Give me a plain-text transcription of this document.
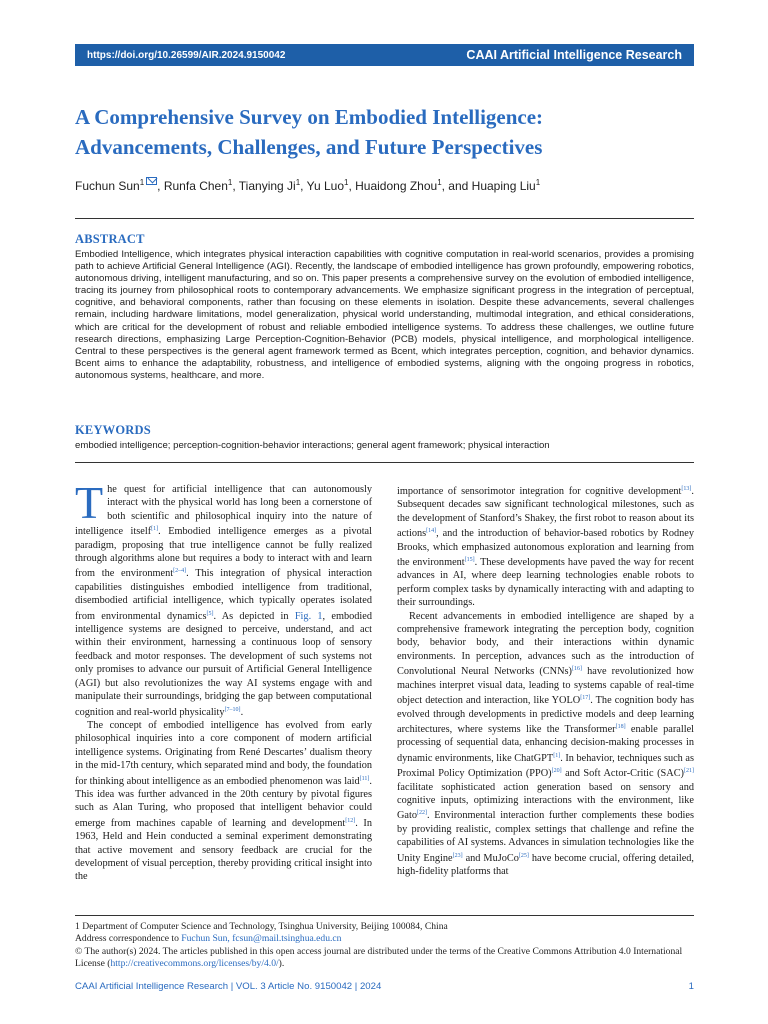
https://doi.org/10.26599/AIR.2024.9150042	CAAI Artificial Intelligence Research
A Comprehensive Survey on Embodied Intelligence:
Advancements, Challenges, and Future Perspectives
Fuchun Sun$^1$ , Runfa Chen$^1$, Tianying Ji$^1$, Yu Luo$^1$, Huaidong Zhou$^1$, and Huaping Liu$^1$
ABSTRACT
Embodied Intelligence, which integrates physical interaction capabilities with cognitive computation in real-world scenarios, provides a promising path to achieve Artificial General Intelligence (AGI). Recently, the landscape of embodied intelligence has grown profoundly, empowering robotics, autonomous driving, intelligent manufacturing, and so on. This paper presents a comprehensive survey on the evolution of embodied intelligence, tracing its journey from philosophical roots to contemporary advancements. We emphasize significant progress in the integration of perceptual, cognitive, and behavioral components, rather than focusing on these elements in isolation. Despite these advancements, several challenges remain, including hardware limitations, model generalization, physical world understanding, multimodal integration, and ethical considerations, which are critical for the development of robust and reliable embodied intelligence systems. To address these challenges, we outline future research directions, emphasizing Large Perception-Cognition-Behavior (PCB) models, physical intelligence, and morphological intelligence. Central to these perspectives is the general agent framework termed as Bcent, which integrates perception, cognition, and behavior dynamics. Bcent aims to enhance the adaptability, robustness, and intelligence of embodied systems, aligning with the ongoing progress in robotics, autonomous systems, healthcare, and more.
KEYWORDS
embodied intelligence; perception-cognition-behavior interactions; general agent framework; physical interaction

The quest for artificial intelligence that can autonomously interact with the physical world has long been a cornerstone of both scientific and philosophical inquiry into the nature of intelligence itself[1]. Embodied intelligence emerges as a pivotal paradigm, proposing that true intelligence cannot be fully realized through algorithms alone but requires a body to interact with and learn from the environment[2–4]. This integration of physical interaction capabilities distinguishes embodied intelligence from traditional, disembodied artificial intelligence, which typically operates isolated from environmental dynamics[5]. As depicted in Fig. 1, embodied intelligence systems are designed to perceive, understand, and act within their environment, harnessing a continuous loop of sensory feedback and motor responses. The development of such systems not only promises to advance our pursuit of Artificial General Intelligence (AGI) but also revolutionizes the way AI systems engage with and manipulate their surroundings, bridging the gap between computational cognition and real-world physicality[7–10].

The concept of embodied intelligence has evolved from early philosophical inquiries into a core component of modern artificial intelligence systems. Originating from René Descartes’ dualism theory in the mid-17th century, which separated mind and body, the foundation for thinking about intelligence as an embodied phenomenon was laid[11]. This idea was further advanced in the 20th century by pivotal figures such as Alan Turing, who proposed that intelligent behavior could emerge from machines capable of learning and development[12]. In 1963, Held and Hein conducted a seminal experiment demonstrating that active movement and sensory feedback are crucial for the development of visual perception, thereby providing critical insight into the

importance of sensorimotor integration for cognitive development[13]. Subsequent decades saw significant technological milestones, such as the development of Stanford’s Shakey, the first robot to reason about its actions[14], and the introduction of behavior-based robotics by Rodney Brooks, which emphasized autonomous exploration and learning from the environment[15]. These developments have paved the way for recent advances in AI, where deep learning technologies enable robots to perform complex tasks by dynamically interacting with and adapting to their surroundings.

Recent advancements in embodied intelligence are shaped by a comprehensive framework integrating the perception body, cognition body, behavior body, and their interactions within dynamic environments. In perception, advances such as the introduction of Convolutional Neural Networks (CNNs)[16] have revolutionized how machines interpret visual data, leading to systems capable of real-time object detection and interaction, like YOLO[17]. The cognition body has evolved through developments in predictive models and deep learning architectures, where systems like the Transformer[18] enable parallel processing of sequential data, enhancing decision-making processes in dynamic environments, like ChatGPT[1]. In behavior, techniques such as Proximal Policy Optimization (PPO)[20] and Soft Actor-Critic (SAC)[21] facilitate sophisticated action generation based on sensory and cognitive inputs, optimizing interactions with the environment, like Gato[22]. Environmental interaction further complements these bodies by providing realistic, complex settings that challenge and refine the capabilities of AI systems. Advances in simulation technologies like the Unity Engine[23] and MuJoCo[25] have become crucial, offering detailed, high-fidelity platforms that

1 Department of Computer Science and Technology, Tsinghua University, Beijing 100084, China
Address correspondence to Fuchun Sun, fcsun@mail.tsinghua.edu.cn
© The author(s) 2024. The articles published in this open access journal are distributed under the terms of the Creative Commons Attribution 4.0 International License (http://creativecommons.org/licenses/by/4.0/).
CAAI Artificial Intelligence Research | VOL. 3 Article No. 9150042 | 2024	1
